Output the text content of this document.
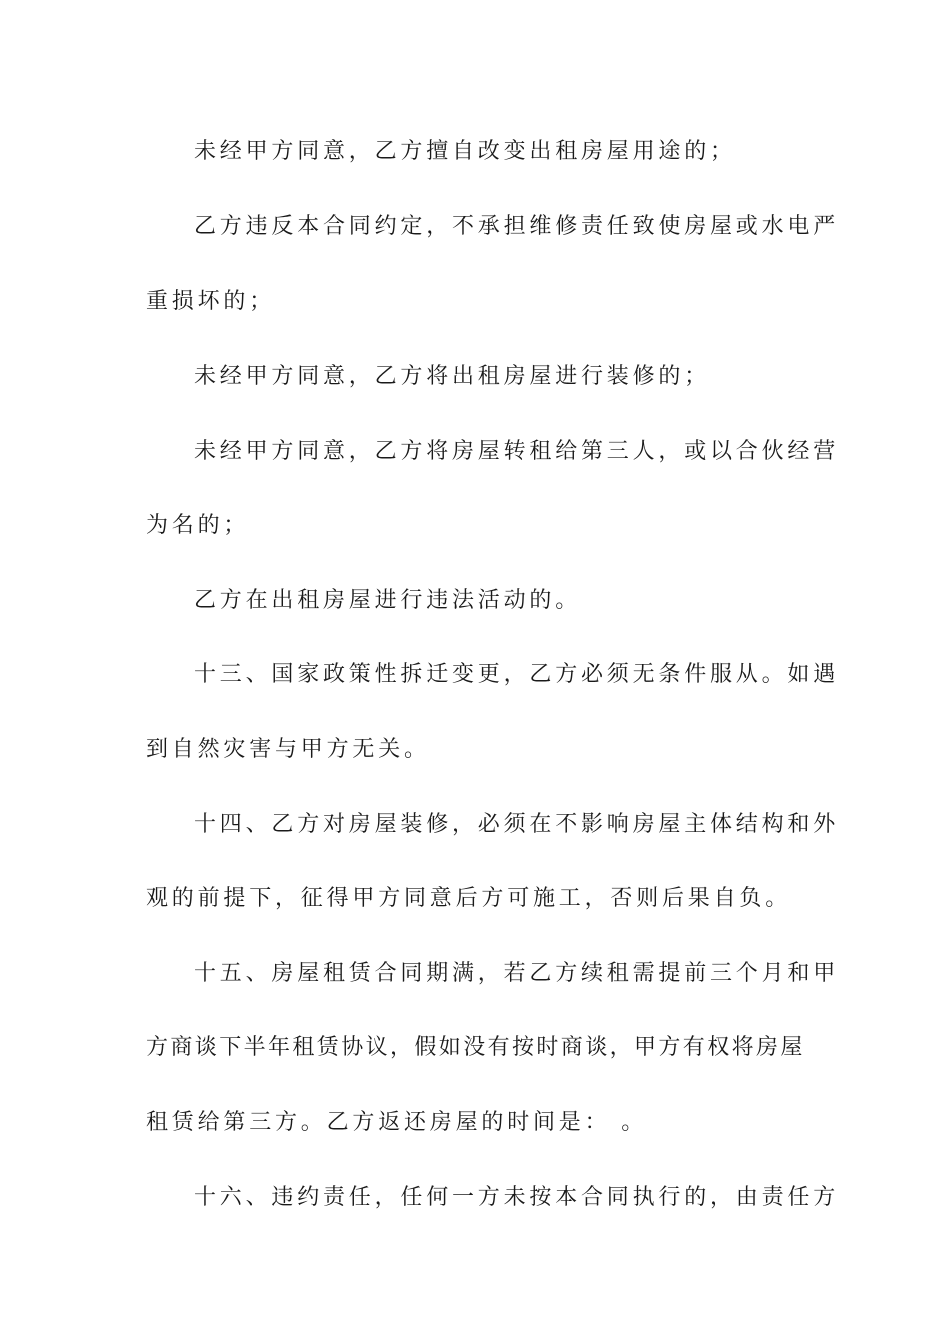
未经甲方同意，乙方擅自改变出租房屋用途的；
乙方违反本合同约定，不承担维修责任致使房屋或水电严
重损坏的；
未经甲方同意，乙方将出租房屋进行装修的；
未经甲方同意，乙方将房屋转租给第三人，或以合伙经营
为名的；
乙方在出租房屋进行违法活动的。
十三、国家政策性拆迁变更，乙方必须无条件服从。如遇
到自然灾害与甲方无关。
十四、乙方对房屋装修，必须在不影响房屋主体结构和外
观的前提下，征得甲方同意后方可施工，否则后果自负。
十五、房屋租赁合同期满，若乙方续租需提前三个月和甲
方商谈下半年租赁协议，假如没有按时商谈，甲方有权将房屋
租赁给第三方。乙方返还房屋的时间是： 。
十六、违约责任，任何一方未按本合同执行的，由责任方
